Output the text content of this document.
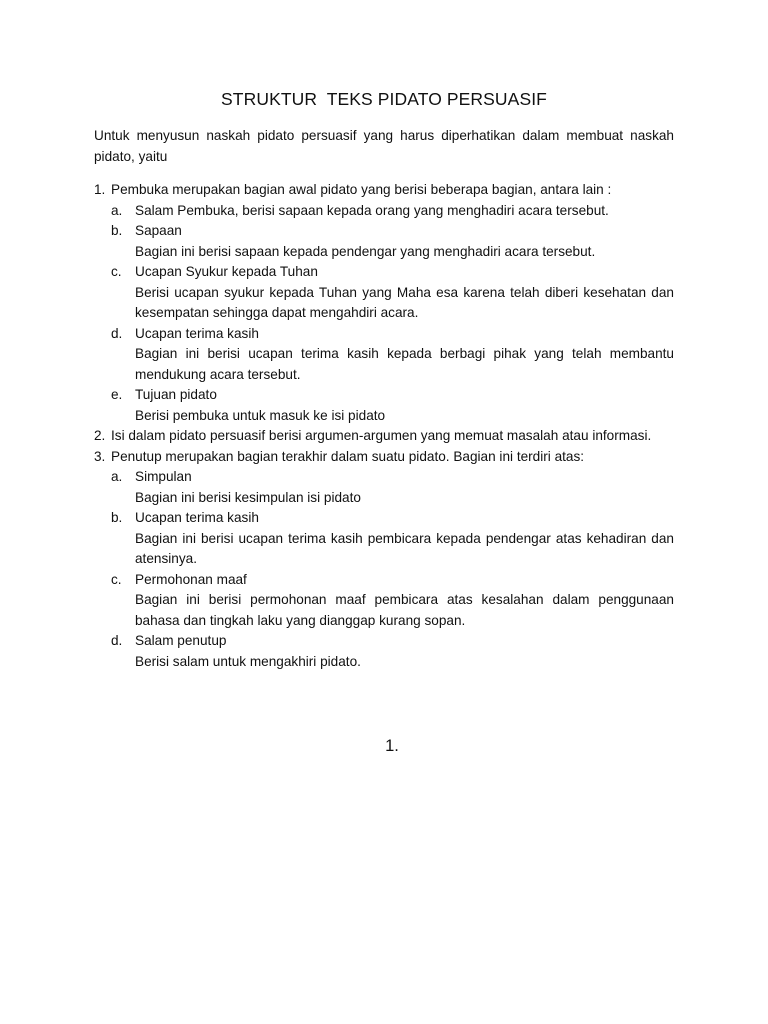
STRUKTUR  TEKS PIDATO PERSUASIF
Untuk menyusun naskah pidato persuasif yang harus diperhatikan dalam membuat naskah pidato, yaitu
1. Pembuka merupakan bagian awal pidato yang berisi beberapa bagian, antara lain :
a. Salam Pembuka, berisi sapaan kepada orang yang menghadiri acara tersebut.
b. Sapaan
Bagian ini berisi sapaan kepada pendengar yang menghadiri acara tersebut.
c. Ucapan Syukur kepada Tuhan
Berisi ucapan syukur kepada Tuhan yang Maha esa karena telah diberi kesehatan dan kesempatan sehingga dapat mengahdiri acara.
d. Ucapan terima kasih
Bagian ini berisi ucapan terima kasih kepada berbagi pihak yang telah membantu mendukung acara tersebut.
e. Tujuan pidato
Berisi pembuka untuk masuk ke isi pidato
2. Isi dalam pidato persuasif berisi argumen-argumen yang memuat masalah atau informasi.
3. Penutup merupakan bagian terakhir dalam suatu pidato. Bagian ini terdiri atas:
a. Simpulan
Bagian ini berisi kesimpulan isi pidato
b. Ucapan terima kasih
Bagian ini berisi ucapan terima kasih pembicara kepada pendengar atas kehadiran dan atensinya.
c. Permohonan maaf
Bagian ini berisi permohonan maaf pembicara atas kesalahan dalam penggunaan bahasa dan tingkah laku yang dianggap kurang sopan.
d. Salam penutup
Berisi salam untuk mengakhiri pidato.
1.
